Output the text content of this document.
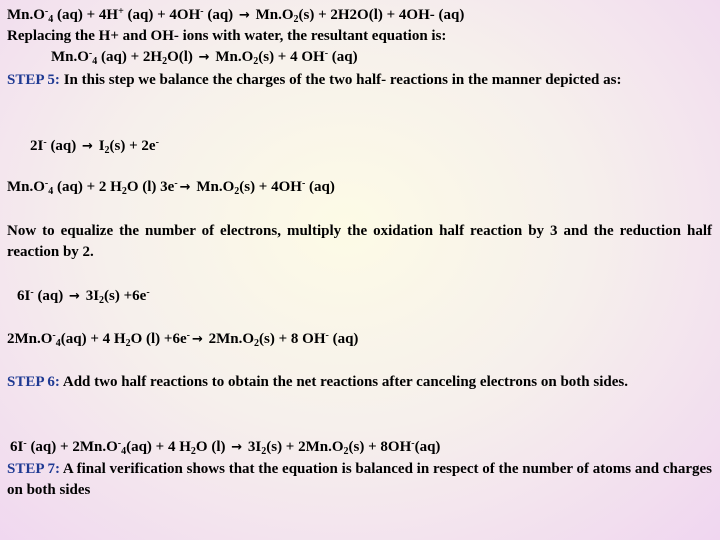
$Mn.O^-_4$ (aq) + 4H+ (aq) + 4OH- $(aq) \to Mn.O_2(s) + 2H2O(l) + 4OH-$ (aq)
Replacing the H+ and OH- ions with water, the resultant equation is:
$Mn.O^-_4$ $(aq) + 2H_2O(l) \to Mn.O_2(s) + 4$ OH- (aq)
STEP 5: In this step we balance the charges of the two half- reactions in the manner depicted as:
2I- $(aq) \to I_2(s) + 2e^-$
$Mn.O^-_4$ (aq) + 2 $H_2O$ (l) $3e^- \to Mn.O_2(s) + 4OH^-$ (aq)
Now to equalize the number of electrons, multiply the oxidation half reaction by 3 and the reduction half reaction by 2.
6I- $(aq) \to 3I_2(s) +6e^-$
$2Mn.O^-_4(aq) + 4$ $H_2O$ $(l) +6e^- \to 2Mn.O_2(s) + 8$ OH- (aq)
STEP 6: Add two half reactions to obtain the net reactions after canceling electrons on both sides.
6I- $(aq) + 2Mn.O^-_4(aq) + 4$ $H_2O$ $(l) \to 3I_2(s) + 2Mn.O_2(s) + 8OH^-(aq)$
STEP 7: A final verification shows that the equation is balanced in respect of the number of atoms and charges on both sides
